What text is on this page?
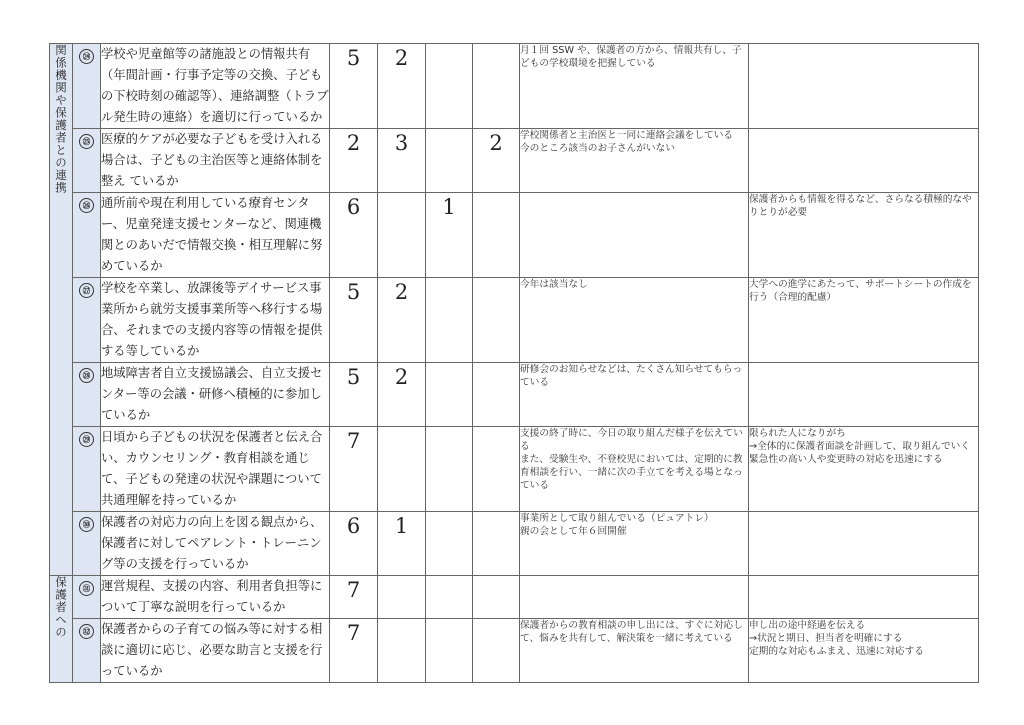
関係機関や保護者との連携	㉔	学校や児童館等の諸施設との情報共有（年間計画・行事予定等の交換、子どもの下校時刻の確認等）、連絡調整（トラブル発生時の連絡）を適切に行っているか	5	2			月１回 SSW や、保護者の方から、情報共有し、子どもの学校環境を把握している	
	㉕	医療的ケアが必要な子どもを受け入れる場合は、子どもの主治医等と連絡体制を整え ているか	2	3		2	学校関係者と主治医と一同に連絡会議をしている
今のところ該当のお子さんがいない	
	㉖	通所前や現在利用している療育センター、児童発達支援センターなど、関連機関とのあいだで情報交換・相互理解に努めているか	6		1			保護者からも情報を得るなど、さらなる積極的なやりとりが必要
	㉗	学校を卒業し、放課後等デイサービス事業所から就労支援事業所等へ移行する場合、それまでの支援内容等の情報を提供する等しているか	5	2			今年は該当なし	大学への進学にあたって、サポートシートの作成を行う（合理的配慮）
	㉘	地域障害者自立支援協議会、自立支援センター等の会議・研修へ積極的に参加しているか	5	2			研修会のお知らせなどは、たくさん知らせてもらっている	
	㉙	日頃から子どもの状況を保護者と伝え合い、カウンセリング・教育相談を通じて、子どもの発達の状況や課題について共通理解を持っているか	7				支援の終了時に、今日の取り組んだ様子を伝えている
また、受験生や、不登校児においては、定期的に教育相談を行い、一緒に次の手立てを考える場となっている	限られた人になりがち
→全体的に保護者面談を計画して、取り組んでいく
緊急性の高い人や変更時の対応を迅速にする
	㉚	保護者の対応力の向上を図る観点から、保護者に対してペアレント・トレーニング等の支援を行っているか	6	1			事業所として取り組んでいる（ピュアトレ）
親の会として年６回開催	
保護者への	㉛	運営規程、支援の内容、利用者負担等について丁寧な説明を行っているか	7					
	㉜	保護者からの子育ての悩み等に対する相談に適切に応じ、必要な助言と支援を行っているか	7				保護者からの教育相談の申し出には、すぐに対応して、悩みを共有して、解決策を一緒に考えている	申し出の途中経過を伝える
→状況と期日、担当者を明確にする
定期的な対応もふまえ、迅速に対応する
